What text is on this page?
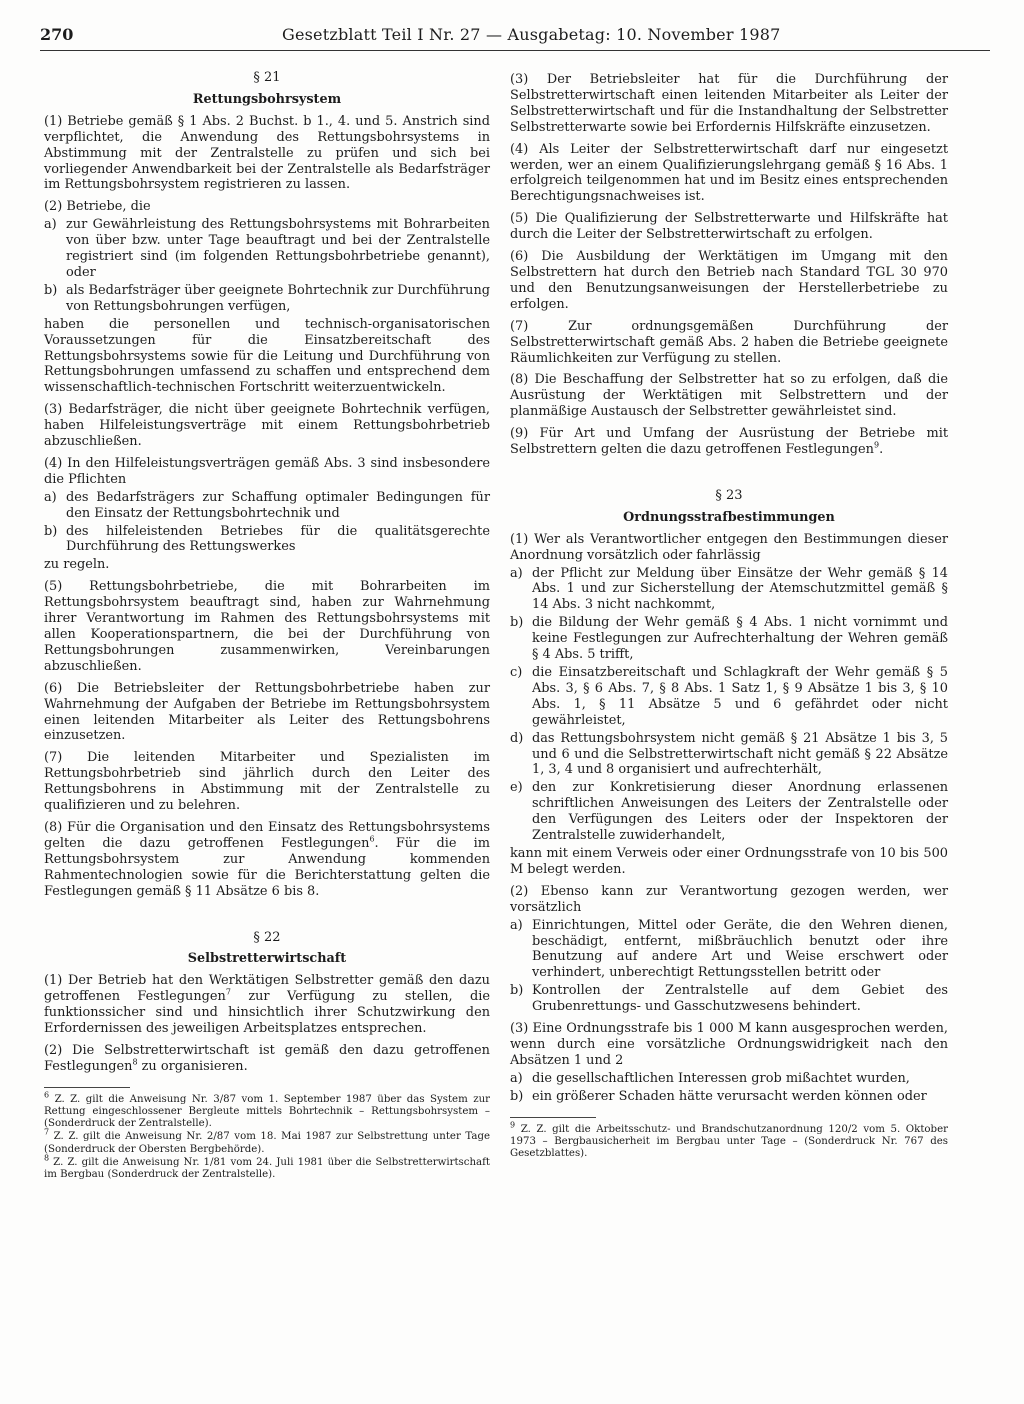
270	Gesetzblatt Teil I Nr. 27 — Ausgabetag: 10. November 1987
§ 21
Rettungsbohrsystem

(1) Betriebe gemäß § 1 Abs. 2 Buchst. b 1., 4. und 5. Anstrich sind verpflichtet, die Anwendung des Rettungsbohrsystems in Abstimmung mit der Zentralstelle zu prüfen und sich bei vorliegender Anwendbarkeit bei der Zentralstelle als Bedarfsträger im Rettungsbohrsystem registrieren zu lassen.

(2) Betriebe, die

a) zur Gewährleistung des Rettungsbohrsystems mit Bohrarbeiten von über bzw. unter Tage beauftragt und bei der Zentralstelle registriert sind (im folgenden Rettungsbohrbetriebe genannt), oder
b) als Bedarfsträger über geeignete Bohrtechnik zur Durchführung von Rettungsbohrungen verfügen,

haben die personellen und technisch-organisatorischen Voraussetzungen für die Einsatzbereitschaft des Rettungsbohrsystems sowie für die Leitung und Durchführung von Rettungsbohrungen umfassend zu schaffen und entsprechend dem wissenschaftlich-technischen Fortschritt weiterzuentwickeln.

(3) Bedarfsträger, die nicht über geeignete Bohrtechnik verfügen, haben Hilfeleistungsverträge mit einem Rettungsbohrbetrieb abzuschließen.

(4) In den Hilfeleistungsverträgen gemäß Abs. 3 sind insbesondere die Pflichten

a) des Bedarfsträgers zur Schaffung optimaler Bedingungen für den Einsatz der Rettungsbohrtechnik und
b) des hilfeleistenden Betriebes für die qualitätsgerechte Durchführung des Rettungswerkes

zu regeln.

(5) Rettungsbohrbetriebe, die mit Bohrarbeiten im Rettungsbohrsystem beauftragt sind, haben zur Wahrnehmung ihrer Verantwortung im Rahmen des Rettungsbohrsystems mit allen Kooperationspartnern, die bei der Durchführung von Rettungsbohrungen zusammenwirken, Vereinbarungen abzuschließen.

(6) Die Betriebsleiter der Rettungsbohrbetriebe haben zur Wahrnehmung der Aufgaben der Betriebe im Rettungsbohrsystem einen leitenden Mitarbeiter als Leiter des Rettungsbohrens einzusetzen.

(7) Die leitenden Mitarbeiter und Spezialisten im Rettungsbohrbetrieb sind jährlich durch den Leiter des Rettungsbohrens in Abstimmung mit der Zentralstelle zu qualifizieren und zu belehren.

(8) Für die Organisation und den Einsatz des Rettungsbohrsystems gelten die dazu getroffenen Festlegungen$^6$. Für die im Rettungsbohrsystem zur Anwendung kommenden Rahmentechnologien sowie für die Berichterstattung gelten die Festlegungen gemäß § 11 Absätze 6 bis 8.

§ 22
Selbstretterwirtschaft

(1) Der Betrieb hat den Werktätigen Selbstretter gemäß den dazu getroffenen Festlegungen$^7$ zur Verfügung zu stellen, die funktionssicher sind und hinsichtlich ihrer Schutzwirkung den Erfordernissen des jeweiligen Arbeitsplatzes entsprechen.

(2) Die Selbstretterwirtschaft ist gemäß den dazu getroffenen Festlegungen$^8$ zu organisieren.

$^6$ Z. Z. gilt die Anweisung Nr. 3/87 vom 1. September 1987 über das System zur Rettung eingeschlossener Bergleute mittels Bohrtechnik – Rettungsbohrsystem – (Sonderdruck der Zentralstelle).

$^7$ Z. Z. gilt die Anweisung Nr. 2/87 vom 18. Mai 1987 zur Selbstrettung unter Tage (Sonderdruck der Obersten Bergbehörde).

$^8$ Z. Z. gilt die Anweisung Nr. 1/81 vom 24. Juli 1981 über die Selbstretterwirtschaft im Bergbau (Sonderdruck der Zentralstelle).

(3) Der Betriebsleiter hat für die Durchführung der Selbstretterwirtschaft einen leitenden Mitarbeiter als Leiter der Selbstretterwirtschaft und für die Instandhaltung der Selbstretter Selbstretterwarte sowie bei Erfordernis Hilfskräfte einzusetzen.

(4) Als Leiter der Selbstretterwirtschaft darf nur eingesetzt werden, wer an einem Qualifizierungslehrgang gemäß § 16 Abs. 1 erfolgreich teilgenommen hat und im Besitz eines entsprechenden Berechtigungsnachweises ist.

(5) Die Qualifizierung der Selbstretterwarte und Hilfskräfte hat durch die Leiter der Selbstretterwirtschaft zu erfolgen.

(6) Die Ausbildung der Werktätigen im Umgang mit den Selbstrettern hat durch den Betrieb nach Standard TGL 30 970 und den Benutzungsanweisungen der Herstellerbetriebe zu erfolgen.

(7) Zur ordnungsgemäßen Durchführung der Selbstretterwirtschaft gemäß Abs. 2 haben die Betriebe geeignete Räumlichkeiten zur Verfügung zu stellen.

(8) Die Beschaffung der Selbstretter hat so zu erfolgen, daß die Ausrüstung der Werktätigen mit Selbstrettern und der planmäßige Austausch der Selbstretter gewährleistet sind.

(9) Für Art und Umfang der Ausrüstung der Betriebe mit Selbstrettern gelten die dazu getroffenen Festlegungen$^9$.

§ 23
Ordnungsstrafbestimmungen

(1) Wer als Verantwortlicher entgegen den Bestimmungen dieser Anordnung vorsätzlich oder fahrlässig

a) der Pflicht zur Meldung über Einsätze der Wehr gemäß § 14 Abs. 1 und zur Sicherstellung der Atemschutzmittel gemäß § 14 Abs. 3 nicht nachkommt,
b) die Bildung der Wehr gemäß § 4 Abs. 1 nicht vornimmt und keine Festlegungen zur Aufrechterhaltung der Wehren gemäß § 4 Abs. 5 trifft,
c) die Einsatzbereitschaft und Schlagkraft der Wehr gemäß § 5 Abs. 3, § 6 Abs. 7, § 8 Abs. 1 Satz 1, § 9 Absätze 1 bis 3, § 10 Abs. 1, § 11 Absätze 5 und 6 gefährdet oder nicht gewährleistet,
d) das Rettungsbohrsystem nicht gemäß § 21 Absätze 1 bis 3, 5 und 6 und die Selbstretterwirtschaft nicht gemäß § 22 Absätze 1, 3, 4 und 8 organisiert und aufrechterhält,
e) den zur Konkretisierung dieser Anordnung erlassenen schriftlichen Anweisungen des Leiters der Zentralstelle oder den Verfügungen des Leiters oder der Inspektoren der Zentralstelle zuwiderhandelt,

kann mit einem Verweis oder einer Ordnungsstrafe von 10 bis 500 M belegt werden.

(2) Ebenso kann zur Verantwortung gezogen werden, wer vorsätzlich

a) Einrichtungen, Mittel oder Geräte, die den Wehren dienen, beschädigt, entfernt, mißbräuchlich benutzt oder ihre Benutzung auf andere Art und Weise erschwert oder verhindert, unberechtigt Rettungsstellen betritt oder
b) Kontrollen der Zentralstelle auf dem Gebiet des Grubenrettungs- und Gasschutzwesens behindert.

(3) Eine Ordnungsstrafe bis 1 000 M kann ausgesprochen werden, wenn durch eine vorsätzliche Ordnungswidrigkeit nach den Absätzen 1 und 2

a) die gesellschaftlichen Interessen grob mißachtet wurden,
b) ein größerer Schaden hätte verursacht werden können oder

$^9$ Z. Z. gilt die Arbeitsschutz- und Brandschutzanordnung 120/2 vom 5. Oktober 1973 – Bergbausicherheit im Bergbau unter Tage – (Sonderdruck Nr. 767 des Gesetzblattes).
